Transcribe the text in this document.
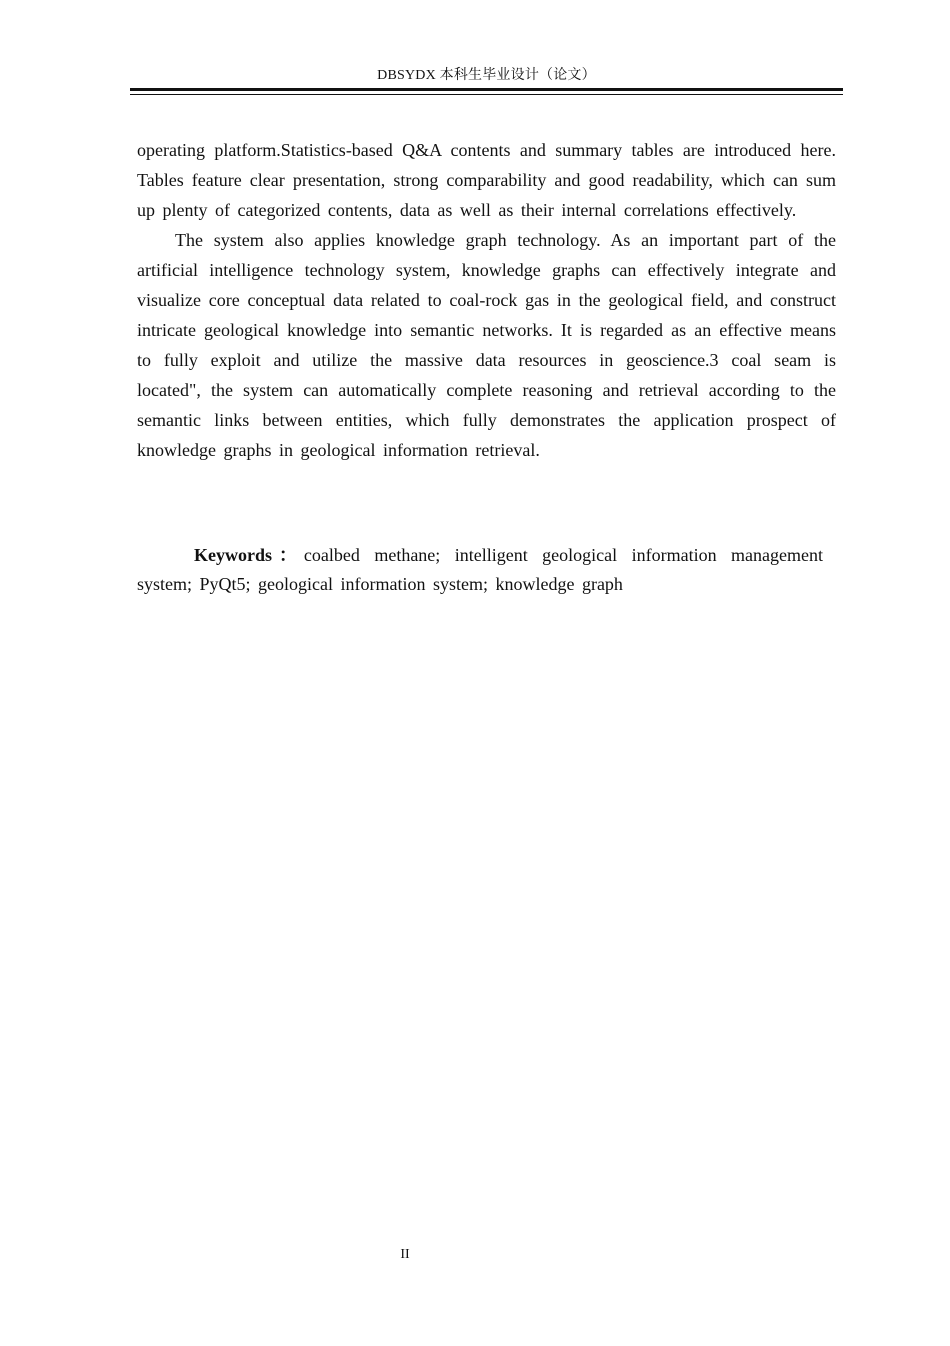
DBSYDX 本科生毕业设计（论文）

operating platform.Statistics-based Q&A contents and summary tables are introduced here. Tables feature clear presentation, strong comparability and good readability, which can sum up plenty of categorized contents, data as well as their internal correlations effectively.

The system also applies knowledge graph technology. As an important part of the artificial intelligence technology system, knowledge graphs can effectively integrate and visualize core conceptual data related to coal-rock gas in the geological field, and construct intricate geological knowledge into semantic networks. It is regarded as an effective means to fully exploit and utilize the massive data resources in geoscience.3 coal seam is located", the system can automatically complete reasoning and retrieval according to the semantic links between entities, which fully demonstrates the application prospect of knowledge graphs in geological information retrieval.

Keywords：coalbed methane; intelligent geological information management system; PyQt5; geological information system; knowledge graph
II
